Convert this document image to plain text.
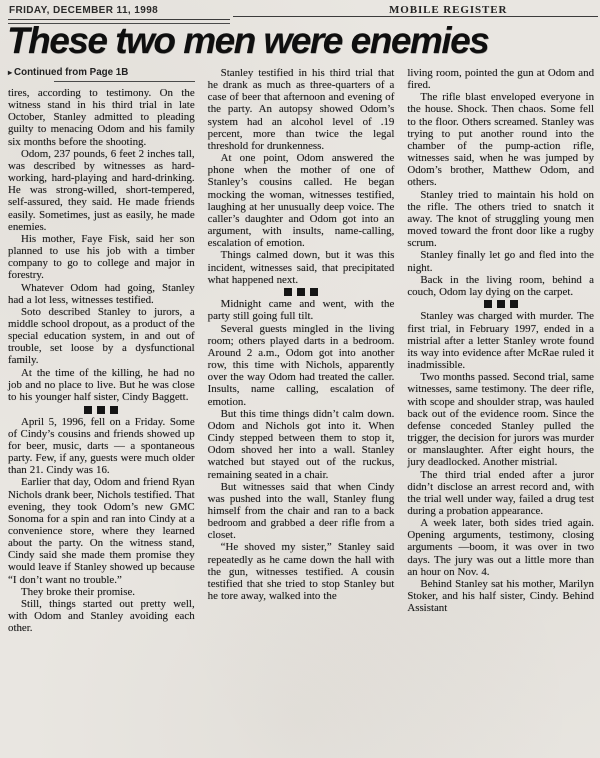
FRIDAY, DECEMBER 11, 1998	MOBILE REGISTER
These two men were enemies
▸ Continued from Page 1B

tires, according to testimony. On the witness stand in his third trial in late October, Stanley admitted to pleading guilty to menacing Odom and his family six months before the shooting.

Odom, 237 pounds, 6 feet 2 inches tall, was described by witnesses as hard-working, hard-playing and hard-drinking. He was strong-willed, short-tempered, self-assured, they said. He made friends easily. Sometimes, just as easily, he made enemies.

His mother, Faye Fisk, said her son planned to use his job with a timber company to go to college and major in forestry.

Whatever Odom had going, Stanley had a lot less, witnesses testified.

Soto described Stanley to jurors, a middle school dropout, as a product of the special education system, in and out of trouble, set loose by a dysfunctional family.

At the time of the killing, he had no job and no place to live. But he was close to his younger half sister, Cindy Baggett.

April 5, 1996, fell on a Friday. Some of Cindy’s cousins and friends showed up for beer, music, darts — a spontaneous party. Few, if any, guests were much older than 21. Cindy was 16.

Earlier that day, Odom and friend Ryan Nichols drank beer, Nichols testified. That evening, they took Odom’s new GMC Sonoma for a spin and ran into Cindy at a convenience store, where they learned about the party. On the witness stand, Cindy said she made them promise they would leave if Stanley showed up because “I don’t want no trouble.”

They broke their promise.

Still, things started out pretty well, with Odom and Stanley avoiding each other.

Stanley testified in his third trial that he drank as much as three-quarters of a case of beer that afternoon and evening of the party. An autopsy showed Odom’s system had an alcohol level of .19 percent, more than twice the legal threshold for drunkenness.

At one point, Odom answered the phone when the mother of one of Stanley’s cousins called. He began mocking the woman, witnesses testified, laughing at her unusually deep voice. The caller’s daughter and Odom got into an argument, with insults, name-calling, escalation of emotion.

Things calmed down, but it was this incident, witnesses said, that precipitated what happened next.

Midnight came and went, with the party still going full tilt.

Several guests mingled in the living room; others played darts in a bedroom. Around 2 a.m., Odom got into another row, this time with Nichols, apparently over the way Odom had treated the caller. Insults, name calling, escalation of emotion.

But this time things didn’t calm down. Odom and Nichols got into it. When Cindy stepped between them to stop it, Odom shoved her into a wall. Stanley watched but stayed out of the ruckus, remaining seated in a chair.

But witnesses said that when Cindy was pushed into the wall, Stanley flung himself from the chair and ran to a back bedroom and grabbed a deer rifle from a closet.

“He shoved my sister,” Stanley said repeatedly as he came down the hall with the gun, witnesses testified. A cousin testified that she tried to stop Stanley but he tore away, walked into the

living room, pointed the gun at Odom and fired.

The rifle blast enveloped everyone in the house. Shock. Then chaos. Some fell to the floor. Others screamed. Stanley was trying to put another round into the chamber of the pump-action rifle, witnesses said, when he was jumped by Odom’s brother, Matthew Odom, and others.

Stanley tried to maintain his hold on the rifle. The others tried to snatch it away. The knot of struggling young men moved toward the front door like a rugby scrum.

Stanley finally let go and fled into the night.

Back in the living room, behind a couch, Odom lay dying on the carpet.

Stanley was charged with murder. The first trial, in February 1997, ended in a mistrial after a letter Stanley wrote found its way into evidence after McRae ruled it inadmissible.

Two months passed. Second trial, same witnesses, same testimony. The deer rifle, with scope and shoulder strap, was hauled back out of the evidence room. Since the defense conceded Stanley pulled the trigger, the decision for jurors was murder or manslaughter. After eight hours, the jury deadlocked. Another mistrial.

The third trial ended after a juror didn’t disclose an arrest record and, with the trial well under way, failed a drug test during a probation appearance.

A week later, both sides tried again. Opening arguments, testimony, closing arguments —boom, it was over in two days. The jury was out a little more than an hour on Nov. 4.

Behind Stanley sat his mother, Marilyn Stoker, and his half sister, Cindy. Behind Assistant
